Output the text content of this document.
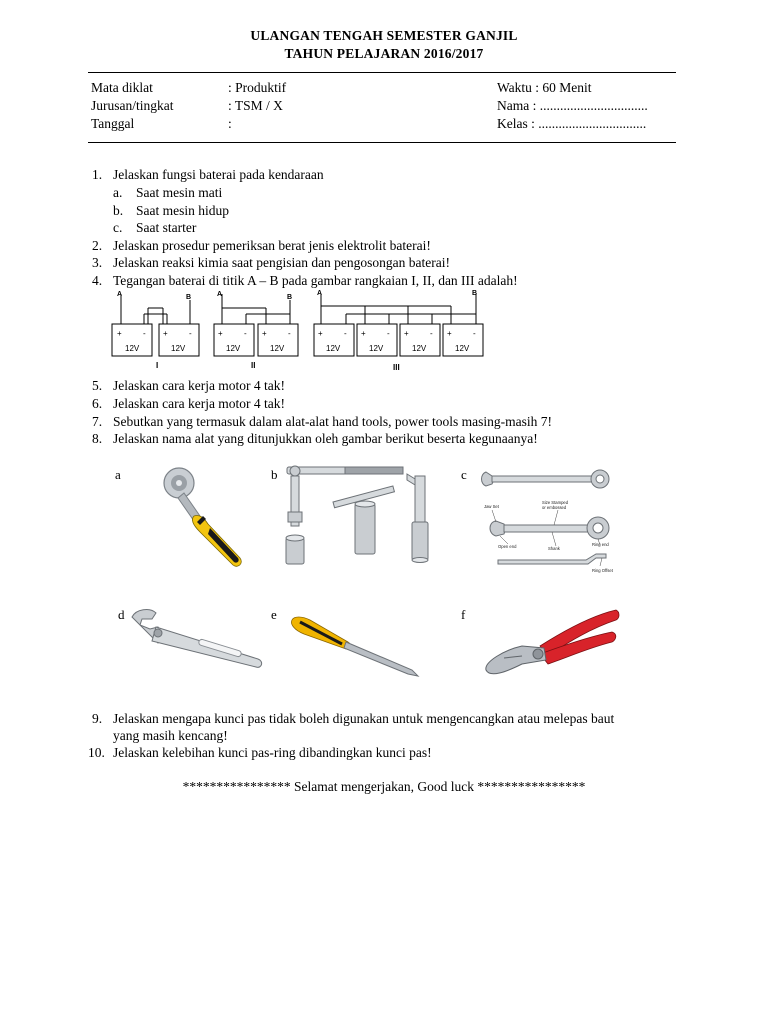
ULANGAN TENGAH SEMESTER GANJIL
TAHUN PELAJARAN 2016/2017
Mata diklat	: Produktif	Waktu : 60 Menit
Jurusan/tingkat	: TSM / X	Nama : ................................
Tanggal	:	Kelas : ................................
1. Jelaskan fungsi baterai pada kendaraan
a. Saat mesin mati
b. Saat mesin hidup
c. Saat starter
2. Jelaskan prosedur pemeriksan berat jenis elektrolit baterai!
3. Jelaskan reaksi kimia saat pengisian dan pengosongan baterai!
4. Tegangan baterai di titik A – B pada gambar rangkaian I, II, dan III adalah!
A	B	A	B
A	B
+	- +	-	+	- +	-	+	- +	- +	- +	-
12V	12V	12V	12V	12V	12V	12V	12V
I	II	III
5. Jelaskan cara kerja motor 4 tak!
6. Jelaskan cara kerja motor 4 tak!
7. Sebutkan yang termasuk dalam alat-alat hand tools, power tools masing-masih 7!
8. Jelaskan nama alat yang ditunjukkan oleh gambar berikut beserta kegunaanya!
a	b	c
d	e	f
Jaw Set
Size Stamped
or embossed
Open end	Shank
Ring end
Ring Offset
9. Jelaskan mengapa kunci pas tidak boleh digunakan untuk mengencangkan atau melepas baut
yang masih kencang!
10. Jelaskan kelebihan kunci pas-ring dibandingkan kunci pas!
**************** Selamat mengerjakan, Good luck ****************
